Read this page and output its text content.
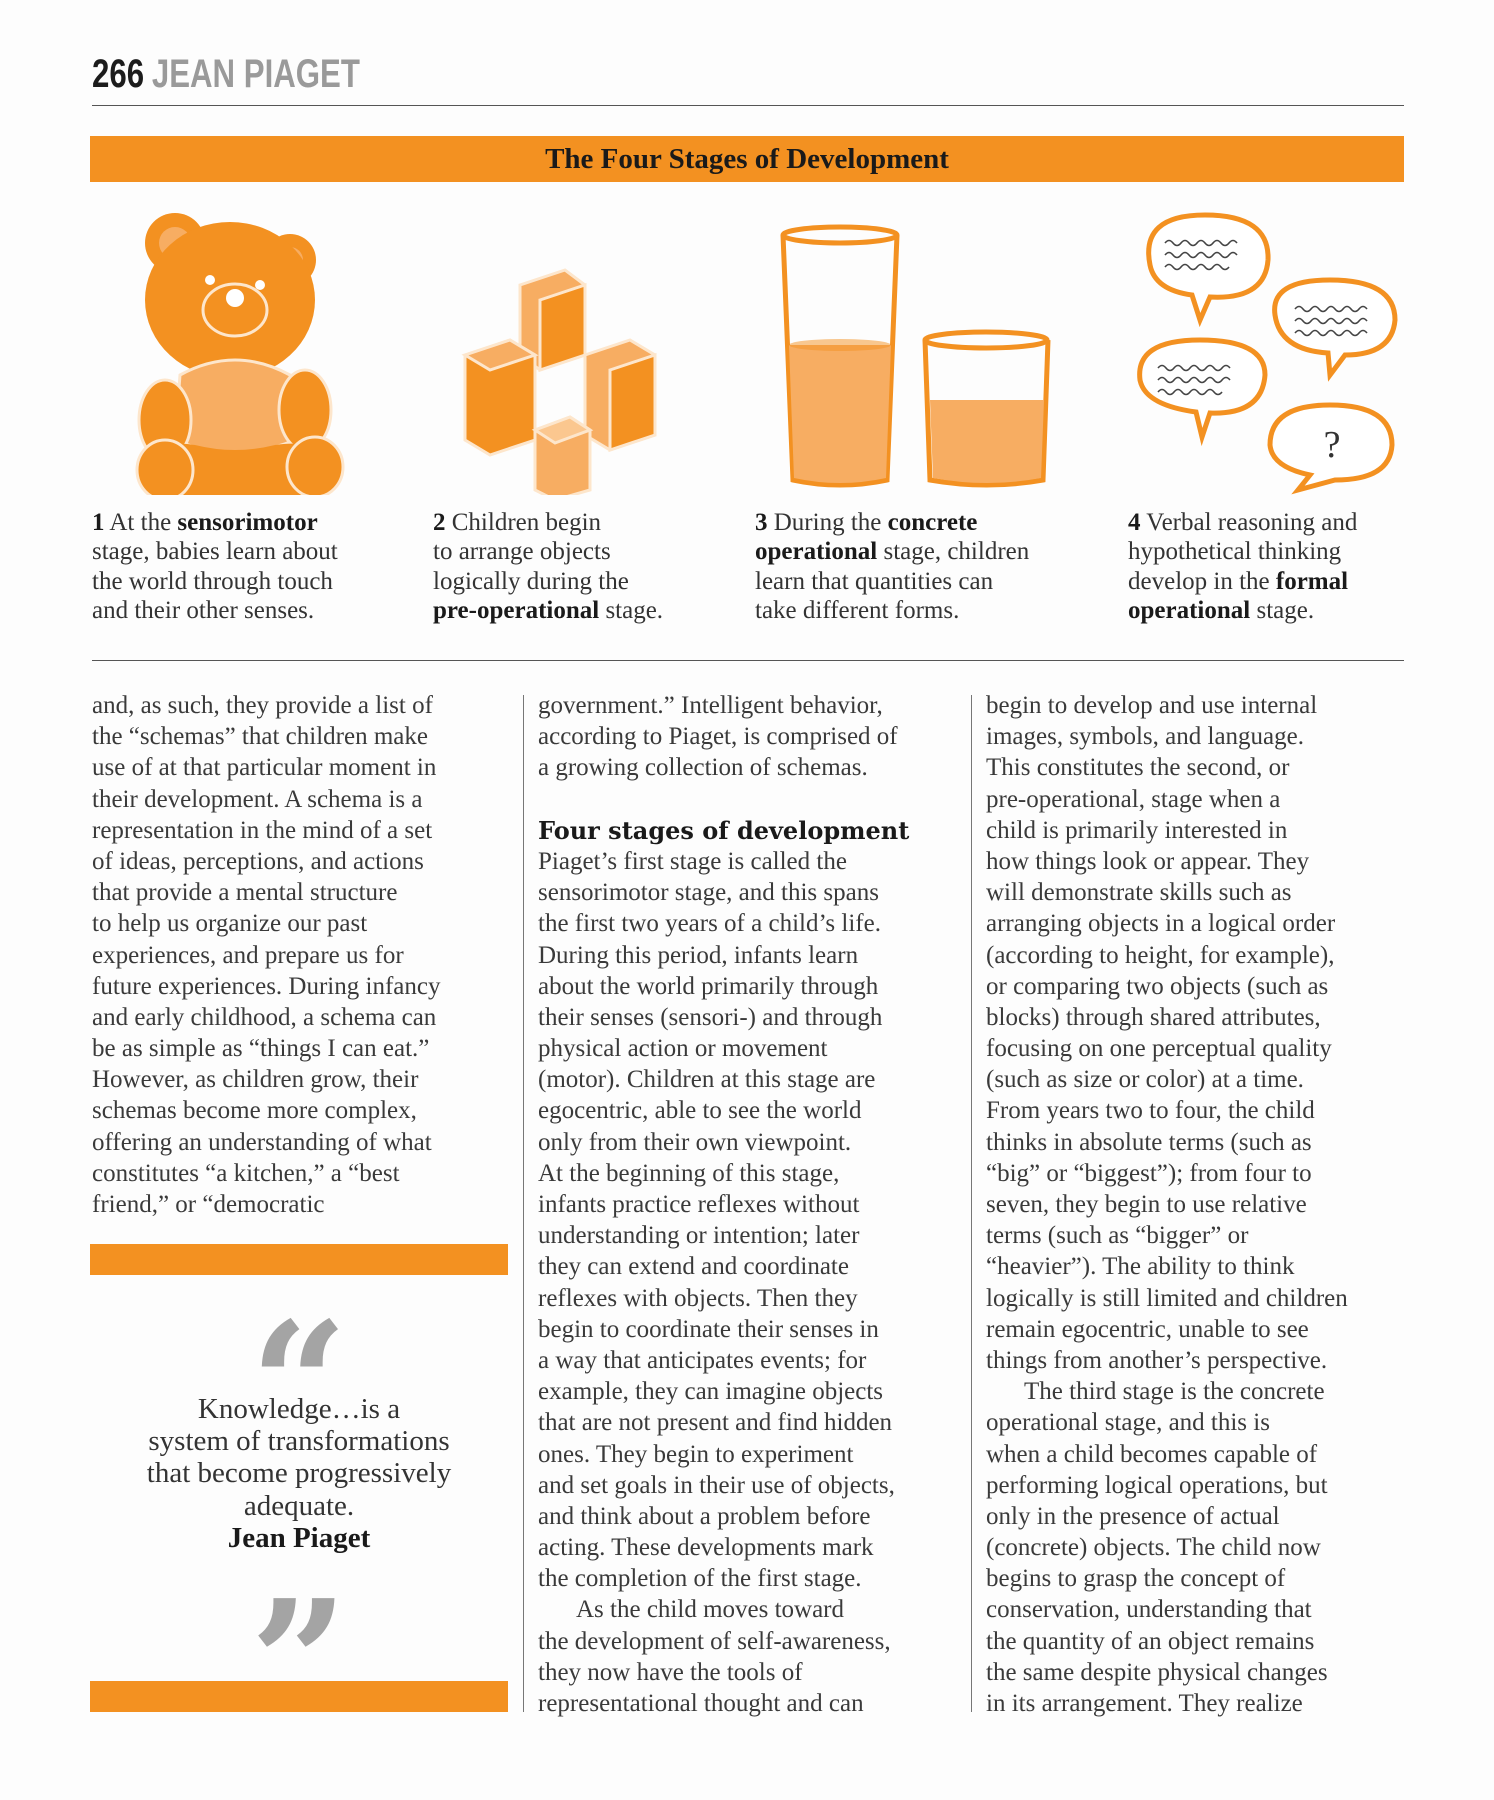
266 JEAN PIAGET
The Four Stages of Development
?
1 At the sensorimotor
stage, babies learn about
the world through touch
and their other senses.
2 Children begin
to arrange objects
logically during the
pre-operational stage.
3 During the concrete
operational stage, children
learn that quantities can
take different forms.
4 Verbal reasoning and
hypothetical thinking
develop in the formal
operational stage.
and, as such, they provide a list of
the “schemas” that children make
use of at that particular moment in
their development. A schema is a
representation in the mind of a set
of ideas, perceptions, and actions
that provide a mental structure
to help us organize our past
experiences, and prepare us for
future experiences. During infancy
and early childhood, a schema can
be as simple as “things I can eat.”
However, as children grow, their
schemas become more complex,
offering an understanding of what
constitutes “a kitchen,” a “best
friend,” or “democratic
government.” Intelligent behavior,
according to Piaget, is comprised of
a growing collection of schemas.
Four stages of development
Piaget’s first stage is called the
sensorimotor stage, and this spans
the first two years of a child’s life.
During this period, infants learn
about the world primarily through
their senses (sensori-) and through
physical action or movement
(motor). Children at this stage are
egocentric, able to see the world
only from their own viewpoint.
At the beginning of this stage,
infants practice reflexes without
understanding or intention; later
they can extend and coordinate
reflexes with objects. Then they
begin to coordinate their senses in
a way that anticipates events; for
example, they can imagine objects
that are not present and find hidden
ones. They begin to experiment
and set goals in their use of objects,
and think about a problem before
acting. These developments mark
the completion of the first stage.
As the child moves toward
the development of self-awareness,
they now have the tools of
representational thought and can
begin to develop and use internal
images, symbols, and language.
This constitutes the second, or
pre-operational, stage when a
child is primarily interested in
how things look or appear. They
will demonstrate skills such as
arranging objects in a logical order
(according to height, for example),
or comparing two objects (such as
blocks) through shared attributes,
focusing on one perceptual quality
(such as size or color) at a time.
From years two to four, the child
thinks in absolute terms (such as
“big” or “biggest”); from four to
seven, they begin to use relative
terms (such as “bigger” or
“heavier”). The ability to think
logically is still limited and children
remain egocentric, unable to see
things from another’s perspective.
The third stage is the concrete
operational stage, and this is
when a child becomes capable of
performing logical operations, but
only in the presence of actual
(concrete) objects. The child now
begins to grasp the concept of
conservation, understanding that
the quantity of an object remains
the same despite physical changes
in its arrangement. They realize
Knowledge…is a
system of transformations
that become progressively
adequate.
Jean Piaget
